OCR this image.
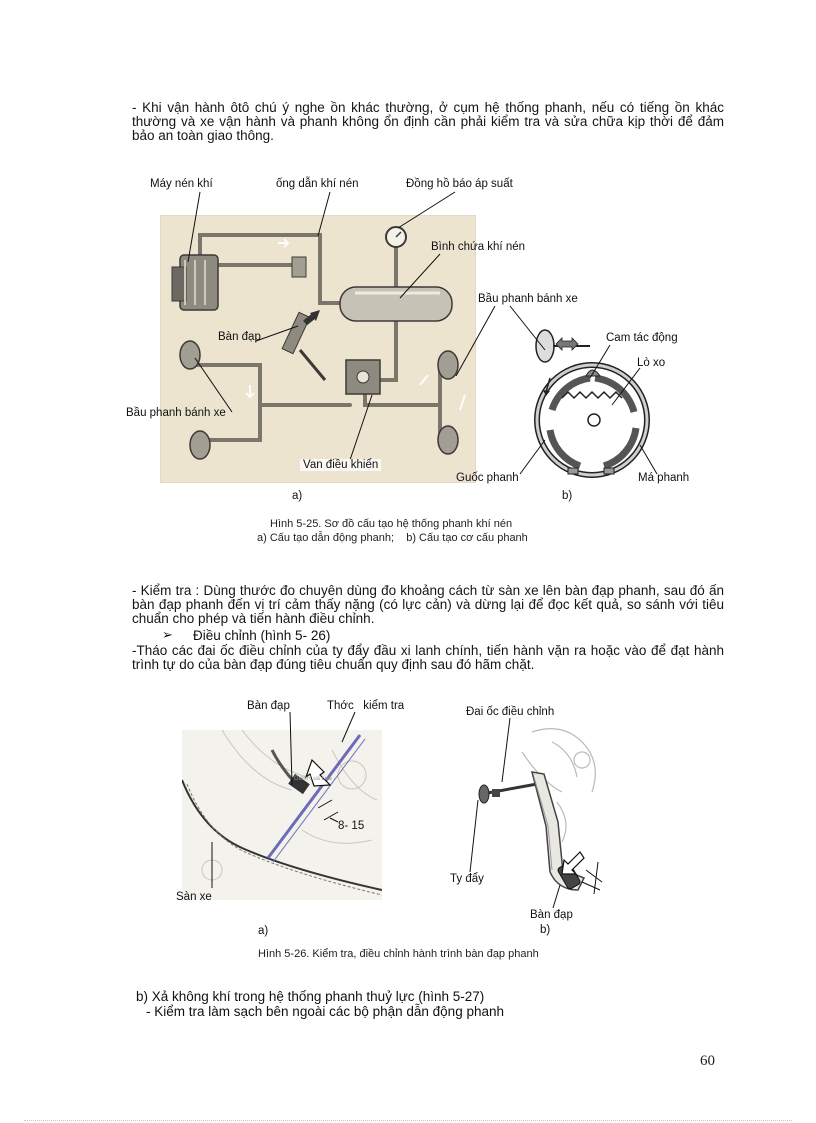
- Khi vận hành ôtô chú ý nghe ồn khác thường, ở cụm hệ thống phanh, nếu có tiếng ồn khác thường và xe vận hành và phanh không ổn định cần phải kiểm tra và sửa chữa kịp thời để đảm bảo an toàn giao thông.
Máy nén khí	ống dẫn khí nén	Đồng hồ báo áp suất
Bình chứa khí nén
Bầu phanh bánh xe
Bàn đạp	Cam tác động
Lò xo
Bầu phanh bánh xe
Van điều khiển
Guốc phanh	Má phanh
a)	b)
Hình 5-25. Sơ đồ cấu tạo hệ thống phanh khí nén
a) Cấu tạo dẫn động phanh;    b) Cấu tạo cơ cấu phanh
- Kiểm tra : Dùng thước đo chuyên dùng đo khoảng cách từ sàn xe lên bàn đạp phanh, sau đó ấn bàn đạp phanh đến vị trí cảm thấy nặng (có lực cản) và dừng lại để đọc kết quả, so sánh với tiêu chuẩn cho phép và tiến hành điều chỉnh.
➢ Điều chỉnh (hình 5- 26)
-Tháo các đai ốc điều chỉnh của ty đẩy đầu xi lanh chính, tiến hành vặn ra hoặc vào để đạt hành trình tự do của bàn đạp đúng tiêu chuẩn quy định sau đó hãm chặt.
Giam Lua Lua
Bàn đạp	Thớc   kiểm tra	Đai ốc điều chỉnh
8- 15
Ty đẩy
Sàn xe
Bàn đạp
a)	b)
Hình 5-26. Kiểm tra, điều chỉnh hành trình bàn đạp phanh
b) Xả không khí trong hệ thống phanh thuỷ lực (hình 5-27)
- Kiểm tra làm sạch bên ngoài các bộ phận dẫn động phanh
60
